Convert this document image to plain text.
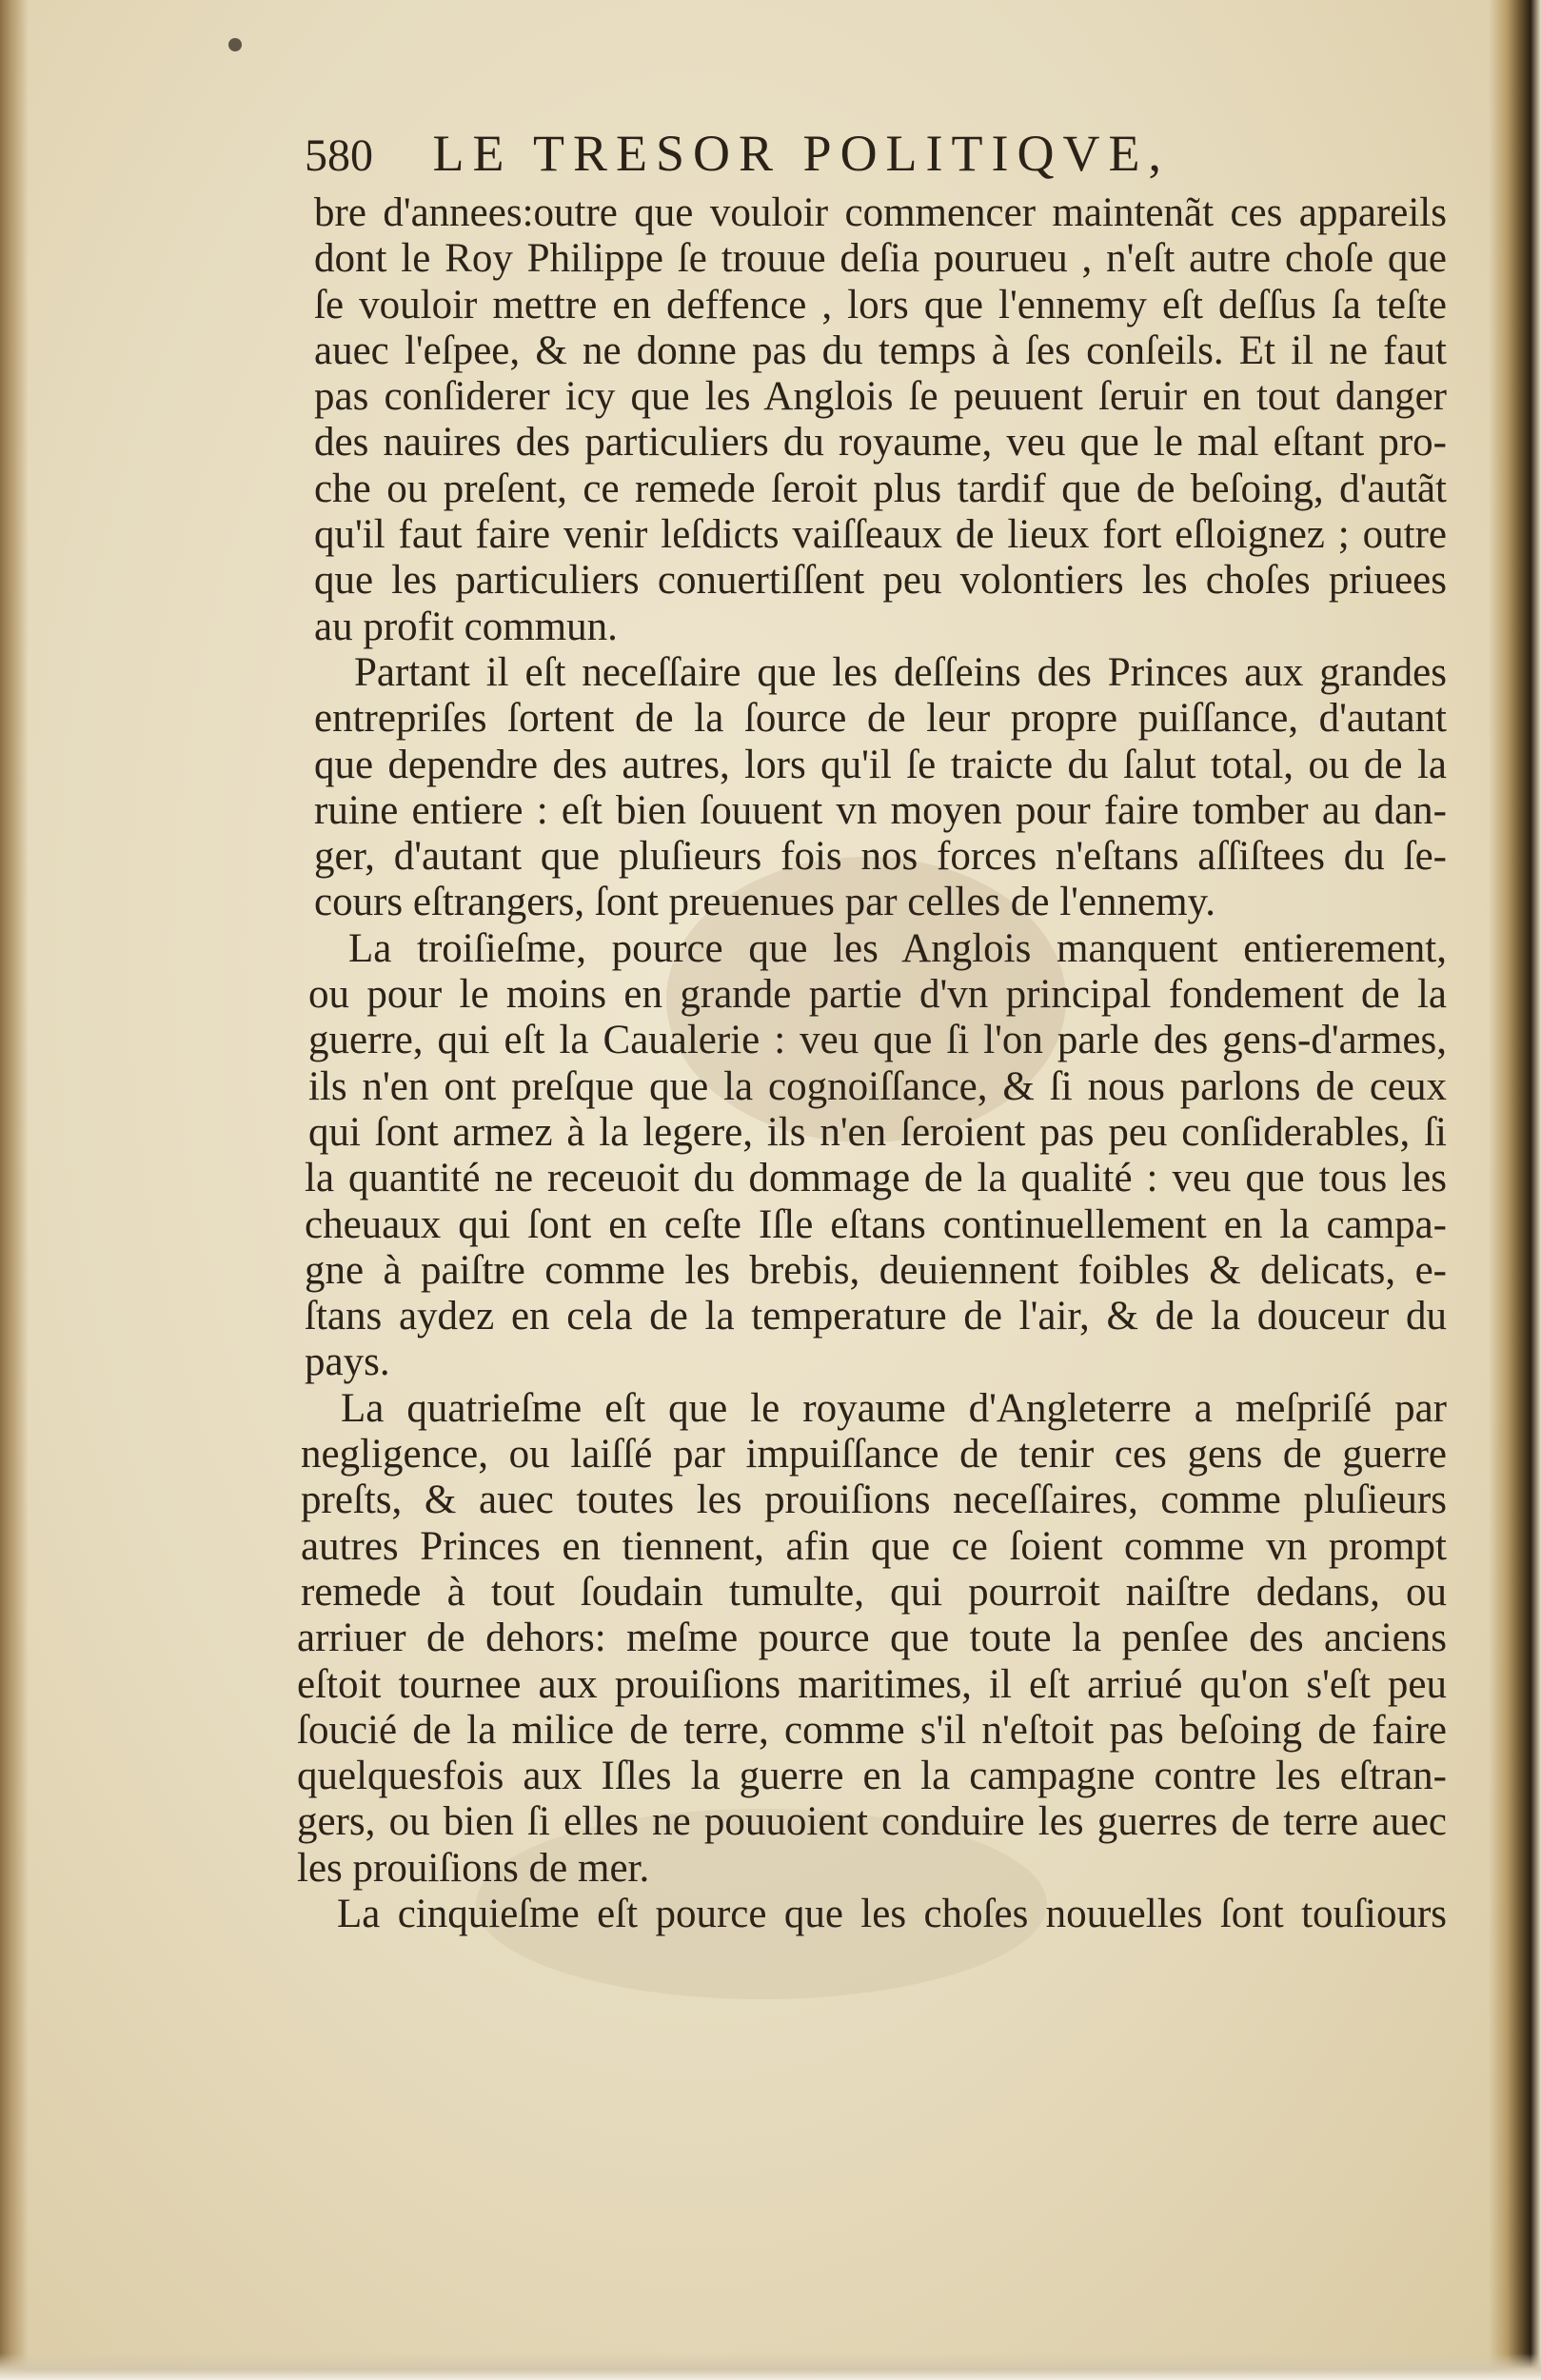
580 LE TRESOR POLITIQVE,
bre d'annees:outre que vouloir commencer maintenãt ces appareils
dont le Roy Philippe ſe trouue deſia pourueu , n'eſt autre choſe que
ſe vouloir mettre en deffence , lors que l'ennemy eſt deſſus ſa teſte
auec l'eſpee, & ne donne pas du temps à ſes conſeils. Et il ne faut
pas conſiderer icy que les Anglois ſe peuuent ſeruir en tout danger
des nauires des particuliers du royaume, veu que le mal eſtant pro-
che ou preſent, ce remede ſeroit plus tardif que de beſoing, d'autãt
qu'il faut faire venir leſdicts vaiſſeaux de lieux fort eſloignez ; outre
que les particuliers conuertiſſent peu volontiers les choſes priuees
au profit commun.
Partant il eſt neceſſaire que les deſſeins des Princes aux grandes
entrepriſes ſortent de la ſource de leur propre puiſſance, d'autant
que dependre des autres, lors qu'il ſe traicte du ſalut total, ou de la
ruine entiere : eſt bien ſouuent vn moyen pour faire tomber au dan-
ger, d'autant que pluſieurs fois nos forces n'eſtans aſſiſtees du ſe-
cours eſtrangers, ſont preuenues par celles de l'ennemy.
La troiſieſme, pource que les Anglois manquent entierement,
ou pour le moins en grande partie d'vn principal fondement de la
guerre, qui eſt la Caualerie : veu que ſi l'on parle des gens-d'armes,
ils n'en ont preſque que la cognoiſſance, & ſi nous parlons de ceux
qui ſont armez à la legere, ils n'en ſeroient pas peu conſiderables, ſi
la quantité ne receuoit du dommage de la qualité : veu que tous les
cheuaux qui ſont en ceſte Iſle eſtans continuellement en la campa-
gne à paiſtre comme les brebis, deuiennent foibles & delicats, e-
ſtans aydez en cela de la temperature de l'air, & de la douceur du
pays.
La quatrieſme eſt que le royaume d'Angleterre a meſpriſé par
negligence, ou laiſſé par impuiſſance de tenir ces gens de guerre
preſts, & auec toutes les prouiſions neceſſaires, comme pluſieurs
autres Princes en tiennent, afin que ce ſoient comme vn prompt
remede à tout ſoudain tumulte, qui pourroit naiſtre dedans, ou
arriuer de dehors: meſme pource que toute la penſee des anciens
eſtoit tournee aux prouiſions maritimes, il eſt arriué qu'on s'eſt peu
ſoucié de la milice de terre, comme s'il n'eſtoit pas beſoing de faire
quelquesfois aux Iſles la guerre en la campagne contre les eſtran-
gers, ou bien ſi elles ne pouuoient conduire les guerres de terre auec
les prouiſions de mer.
La cinquieſme eſt pource que les choſes nouuelles ſont touſiours
